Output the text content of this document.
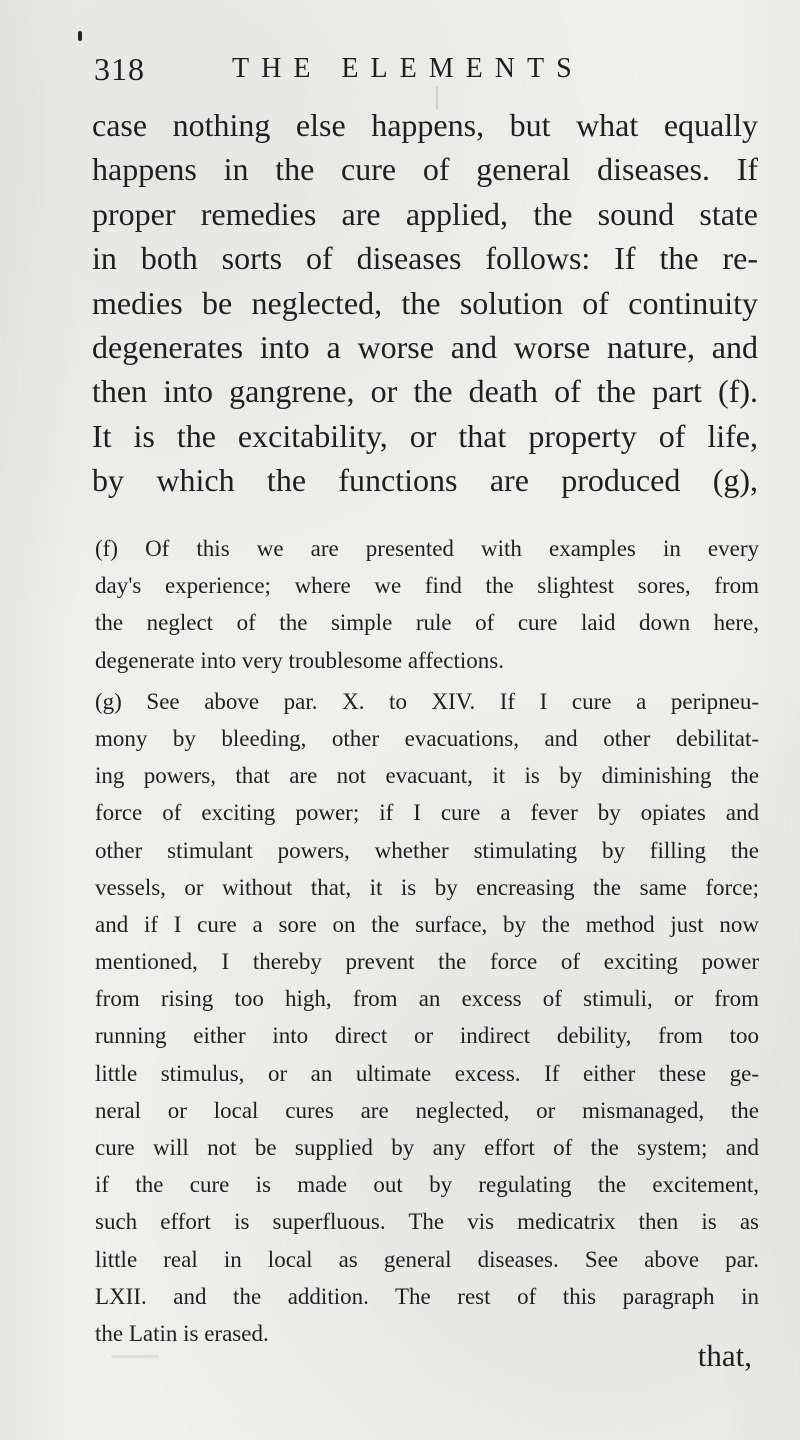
318	THE ELEMENTS
case nothing else happens, but what equally
happens in the cure of general diseases. If
proper remedies are applied, the sound state
in both sorts of diseases follows: If the re-
medies be neglected, the solution of continuity
degenerates into a worse and worse nature, and
then into gangrene, or the death of the part (f).
It is the excitability, or that property of life,
by which the functions are produced (g),
(f) Of this we are presented with examples in every
day's experience; where we find the slightest sores, from
the neglect of the simple rule of cure laid down here,
degenerate into very troublesome affections.
(g) See above par. X. to XIV. If I cure a peripneu-
mony by bleeding, other evacuations, and other debilitat-
ing powers, that are not evacuant, it is by diminishing the
force of exciting power; if I cure a fever by opiates and
other stimulant powers, whether stimulating by filling the
vessels, or without that, it is by encreasing the same force;
and if I cure a sore on the surface, by the method just now
mentioned, I thereby prevent the force of exciting power
from rising too high, from an excess of stimuli, or from
running either into direct or indirect debility, from too
little stimulus, or an ultimate excess. If either these ge-
neral or local cures are neglected, or mismanaged, the
cure will not be supplied by any effort of the system; and
if the cure is made out by regulating the excitement,
such effort is superfluous. The vis medicatrix then is as
little real in local as general diseases. See above par.
LXII. and the addition. The rest of this paragraph in
the Latin is erased.
that,
